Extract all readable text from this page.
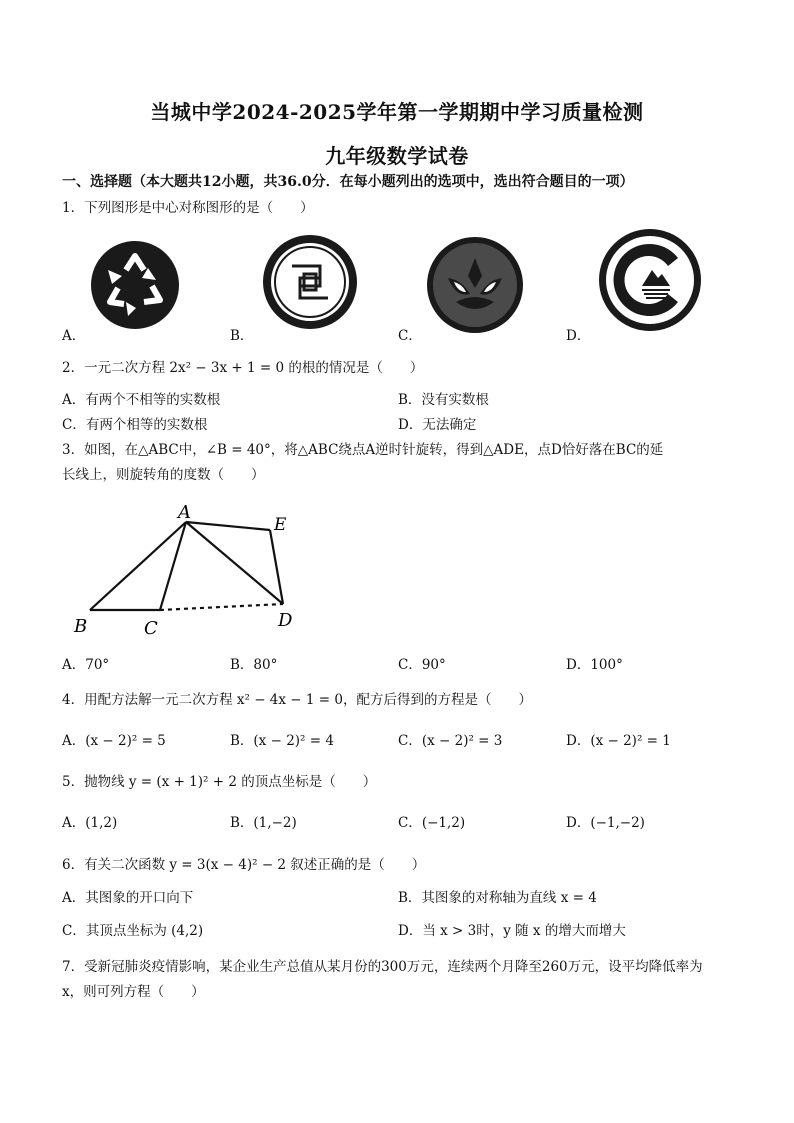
当城中学2024-2025学年第一学期期中学习质量检测
九年级数学试卷
一、选择题（本大题共12小题，共36.0分．在每小题列出的选项中，选出符合题目的一项）
1．下列图形是中心对称图形的是（　　）
A．	B．	C．	D．
2．一元二次方程 2x² − 3x + 1 = 0 的根的情况是（　　）
A．有两个不相等的实数根	B．没有实数根
C．有两个相等的实数根	D．无法确定
3．如图，在△ABC中，∠B = 40°，将△ABC绕点A逆时针旋转，得到△ADE，点D恰好落在BC的延
长线上，则旋转角的度数（　　）
A
E
B	C	D
A．70°	B．80°	C．90°	D．100°
4．用配方法解一元二次方程 x² − 4x − 1 = 0，配方后得到的方程是（　　）
A．(x − 2)² = 5	B．(x − 2)² = 4	C．(x − 2)² = 3	D．(x − 2)² = 1
5．抛物线 y = (x + 1)² + 2 的顶点坐标是（　　）
A．(1,2)	B．(1,−2)	C．(−1,2)	D．(−1,−2)
6．有关二次函数 y = 3(x − 4)² − 2 叙述正确的是（　　）
A．其图象的开口向下	B．其图象的对称轴为直线 x = 4
C．其顶点坐标为 (4,2)	D．当 x > 3时，y 随 x 的增大而增大
7．受新冠肺炎疫情影响，某企业生产总值从某月份的300万元，连续两个月降至260万元，设平均降低率为
x，则可列方程（　　）
